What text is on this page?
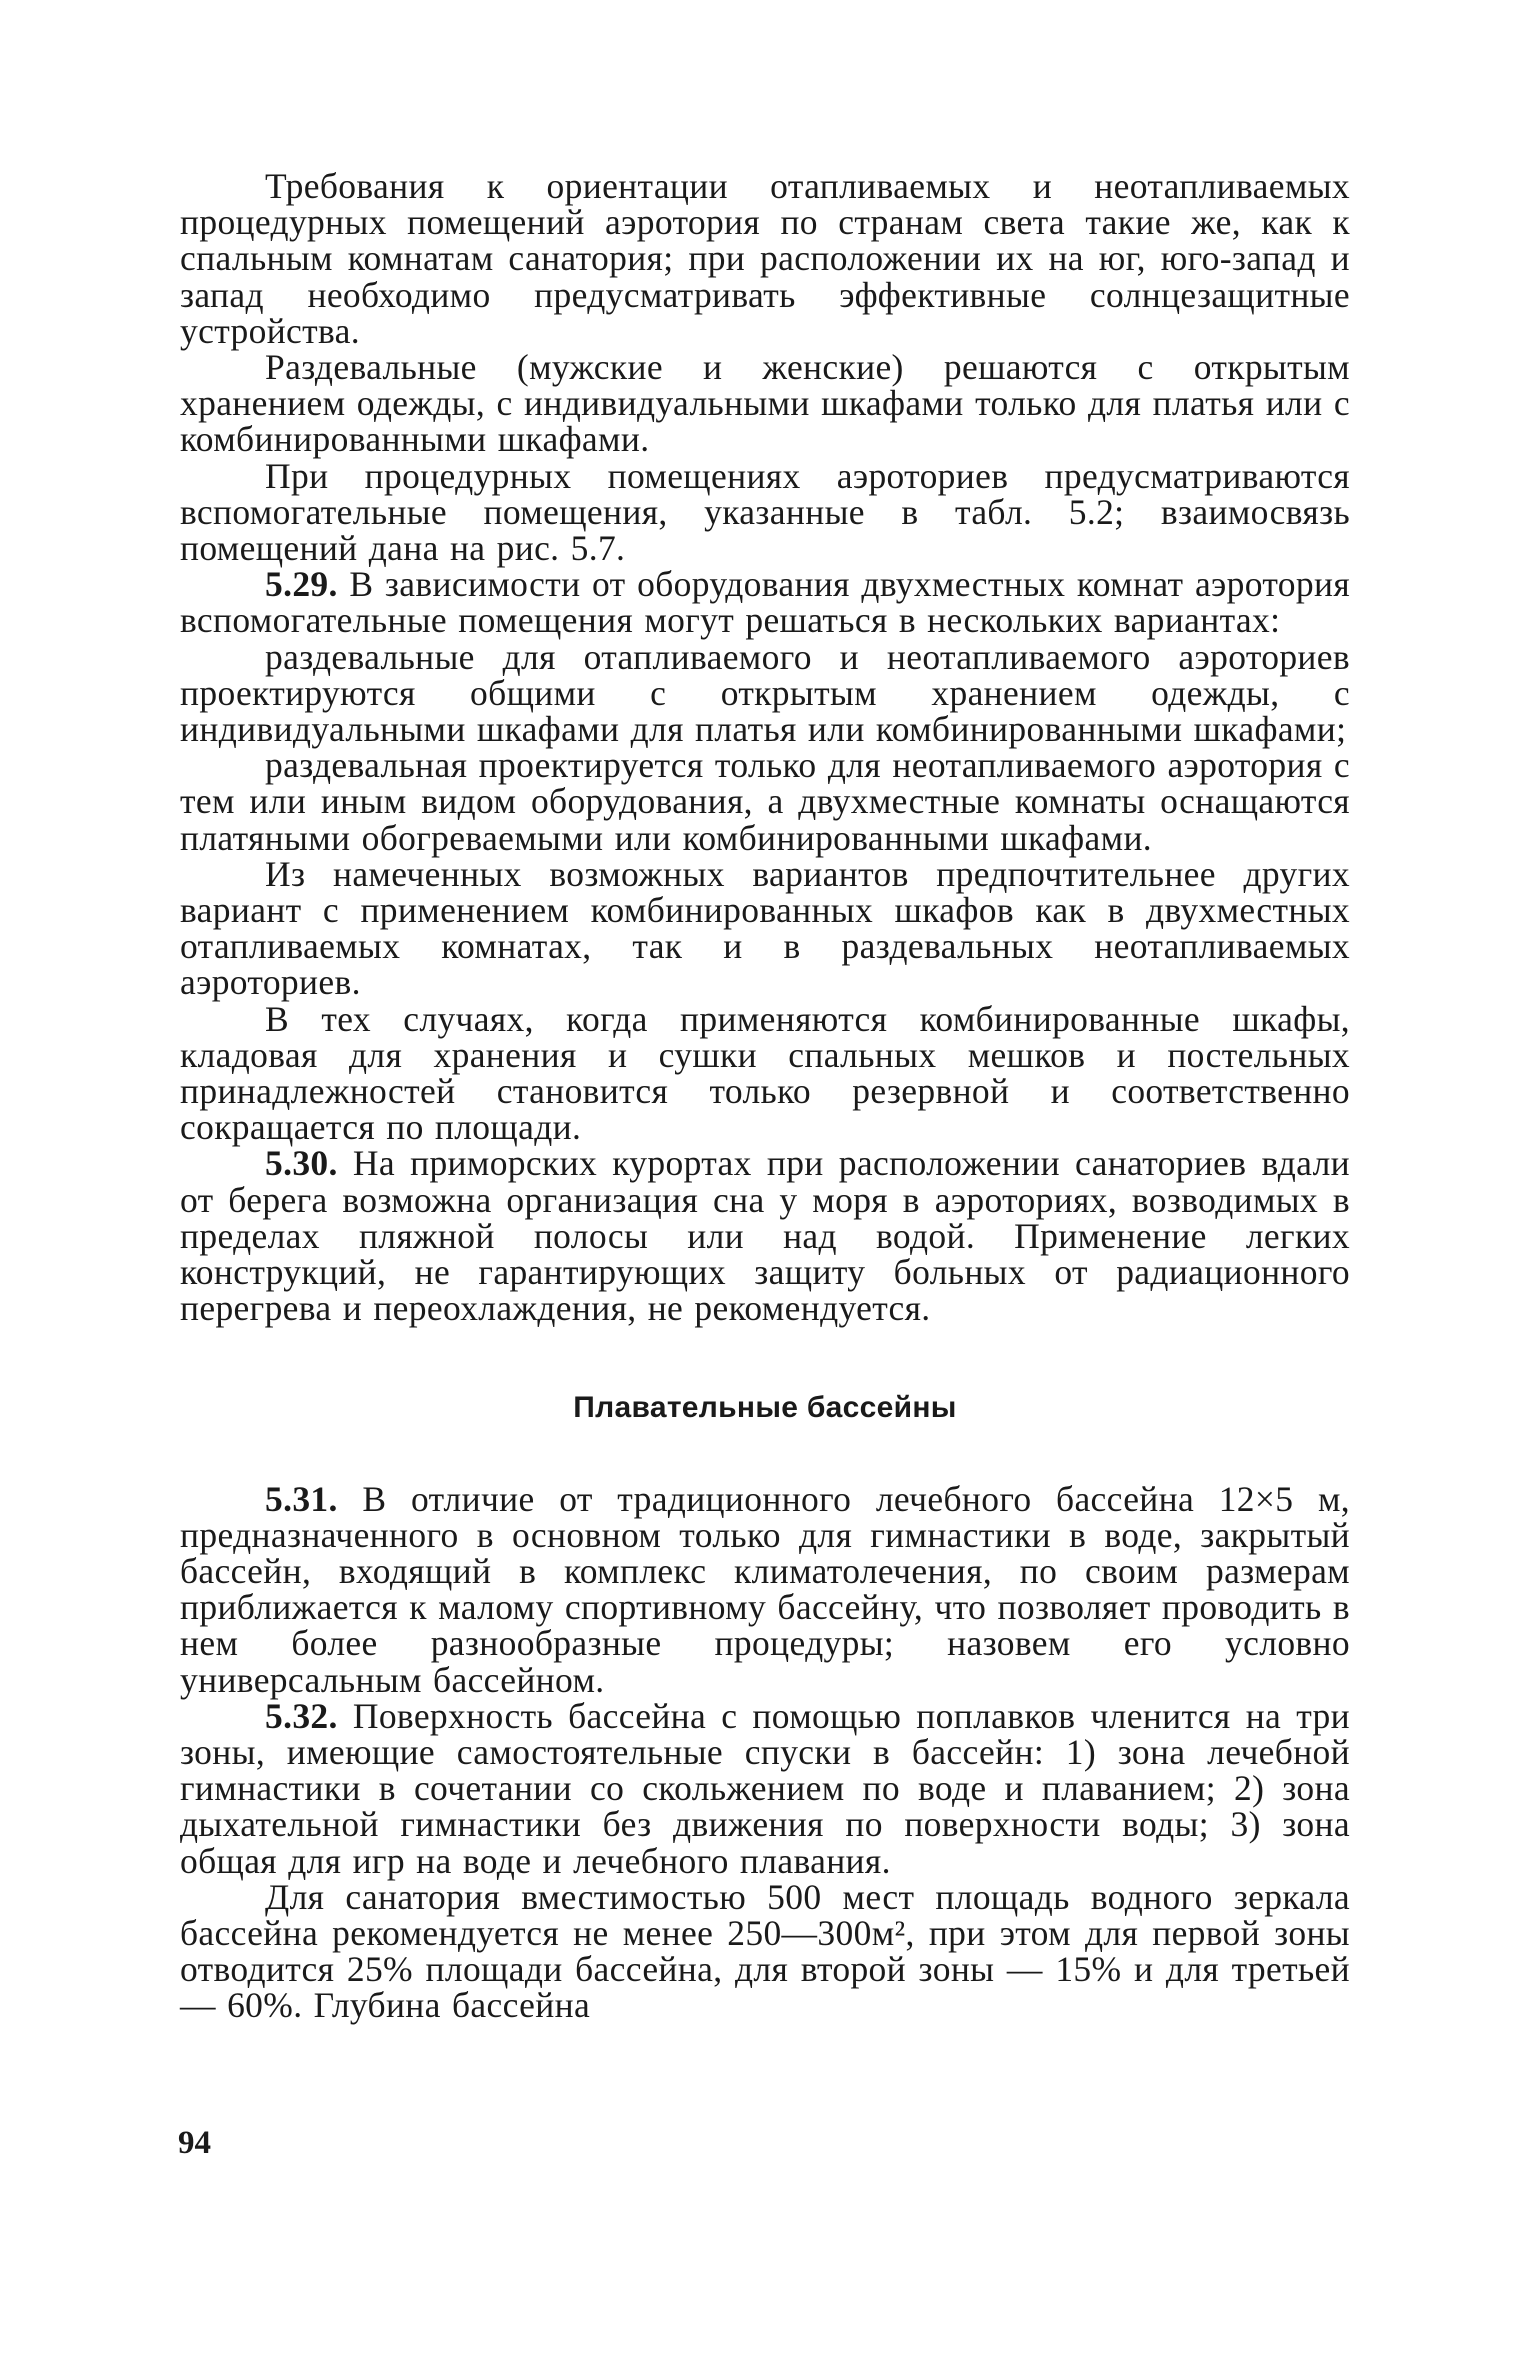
Требования к ориентации отапливаемых и неотапливаемых процедурных помещений аэротория по странам света такие же, как к спальным комнатам санатория; при расположении их на юг, юго-запад и запад необходимо предусматривать эффективные солнцезащитные устройства.

Раздевальные (мужские и женские) решаются с открытым хранением одежды, с индивидуальными шкафами только для платья или с комбинированными шкафами.

При процедурных помещениях аэроториев предусматриваются вспомогательные помещения, указанные в табл. 5.2; взаимосвязь помещений дана на рис. 5.7.

5.29. В зависимости от оборудования двухместных комнат аэротория вспомогательные помещения могут решаться в нескольких вариантах:

раздевальные для отапливаемого и неотапливаемого аэроториев проектируются общими с открытым хранением одежды, с индивидуальными шкафами для платья или комбинированными шкафами;

раздевальная проектируется только для неотапливаемого аэротория с тем или иным видом оборудования, а двухместные комнаты оснащаются платяными обогреваемыми или комбинированными шкафами.

Из намеченных возможных вариантов предпочтительнее других вариант с применением комбинированных шкафов как в двухместных отапливаемых комнатах, так и в раздевальных неотапливаемых аэроториев.

В тех случаях, когда применяются комбинированные шкафы, кладовая для хранения и сушки спальных мешков и постельных принадлежностей становится только резервной и соответственно сокращается по площади.

5.30. На приморских курортах при расположении санаториев вдали от берега возможна организация сна у моря в аэроториях, возводимых в пределах пляжной полосы или над водой. Применение легких конструкций, не гарантирующих защиту больных от радиационного перегрева и переохлаждения, не рекомендуется.

Плавательные бассейны

5.31. В отличие от традиционного лечебного бассейна 12×5 м, предназначенного в основном только для гимнастики в воде, закрытый бассейн, входящий в комплекс климатолечения, по своим размерам приближается к малому спортивному бассейну, что позволяет проводить в нем более разнообразные процедуры; назовем его условно универсальным бассейном.

5.32. Поверхность бассейна с помощью поплавков членится на три зоны, имеющие самостоятельные спуски в бассейн: 1) зона лечебной гимнастики в сочетании со скольжением по воде и плаванием; 2) зона дыхательной гимнастики без движения по поверхности воды; 3) зона общая для игр на воде и лечебного плавания.

Для санатория вместимостью 500 мест площадь водного зеркала бассейна рекомендуется не менее 250—300м², при этом для первой зоны отводится 25% площади бассейна, для второй зоны — 15% и для третьей — 60%. Глубина бассейна

94
